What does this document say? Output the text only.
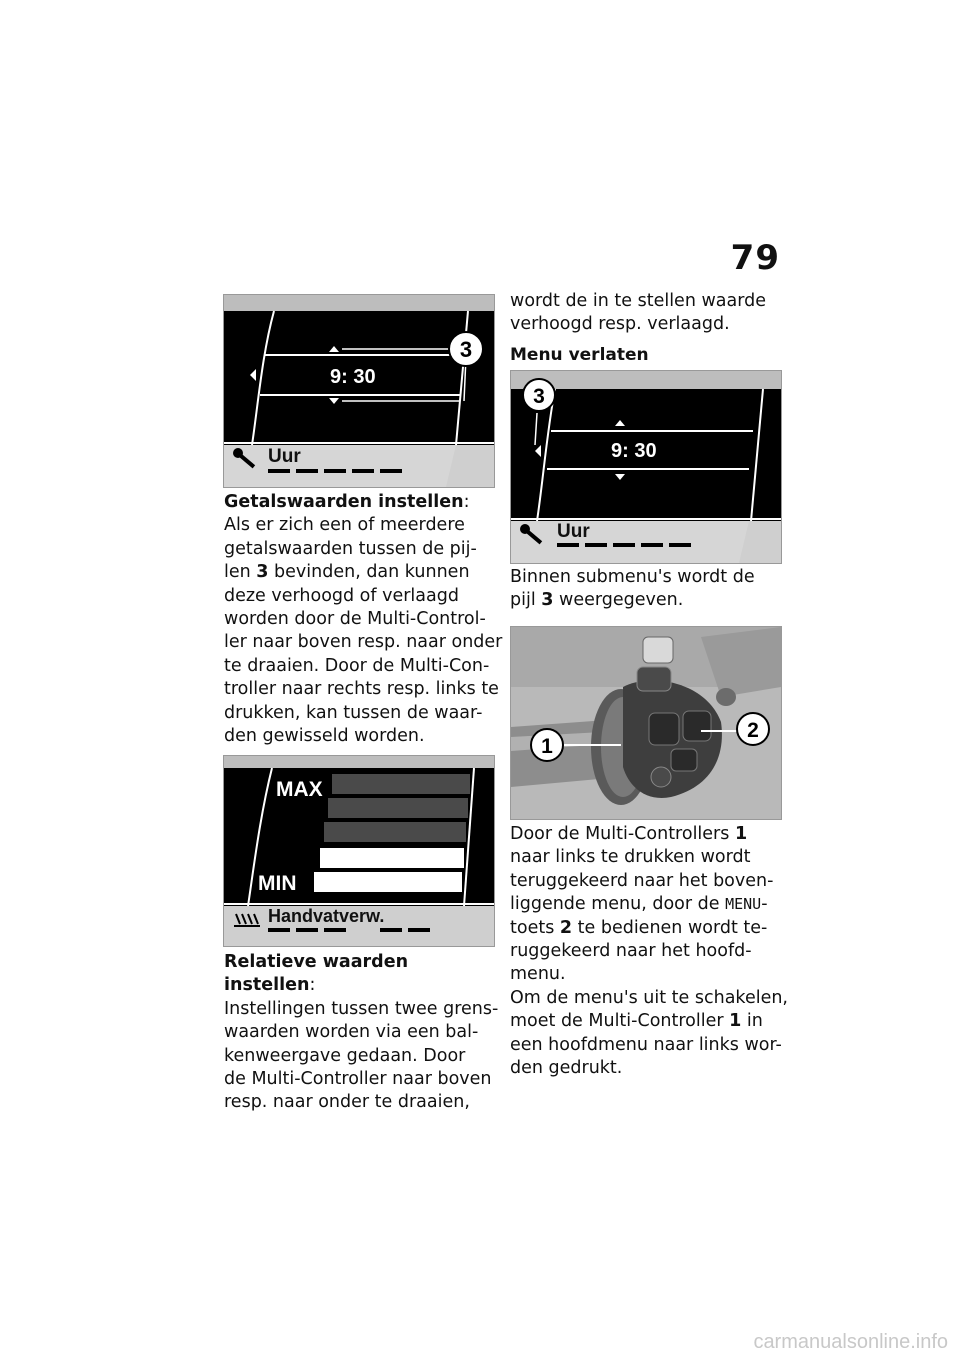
79
9: 30
3
Uur
Getalswaarden instellen:
Als er zich een of meerdere
getalswaarden tussen de pij-
len 3 bevinden, dan kunnen
deze verhoogd of verlaagd
worden door de Multi-Control-
ler naar boven resp. naar onder
te draaien. Door de Multi-Con-
troller naar rechts resp. links te
drukken, kan tussen de waar-
den gewisseld worden.
MAX
MIN
Handvatverw.
Relatieve waarden instellen:
Instellingen tussen twee grens-
waarden worden via een bal-
kenweergave gedaan. Door
de Multi-Controller naar boven
resp. naar onder te draaien,
wordt de in te stellen waarde
verhoogd resp. verlaagd.
Menu verlaten
9: 30
3
Uur
Binnen submenu's wordt de
pijl 3 weergegeven.
1
2
Door de Multi-Controllers 1
naar links te drukken wordt
teruggekeerd naar het boven-
liggende menu, door de MENU-
toets 2 te bedienen wordt te-
ruggekeerd naar het hoofd-
menu.
Om de menu's uit te schakelen,
moet de Multi-Controller 1 in
een hoofdmenu naar links wor-
den gedrukt.
carmanualsonline.info
